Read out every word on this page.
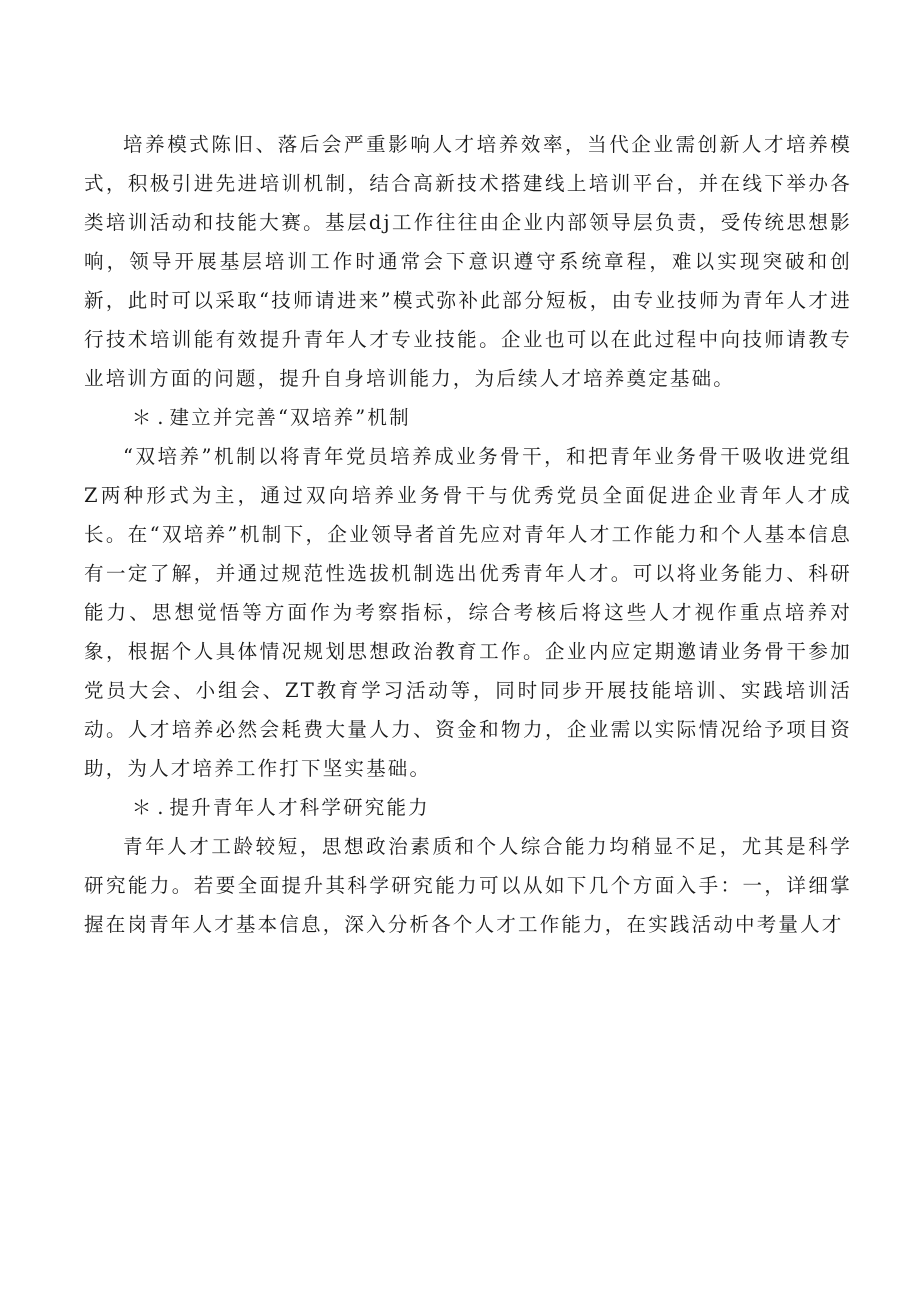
培养模式陈旧、落后会严重影响人才培养效率，当代企业需创新人才培养模式，积极引进先进培训机制，结合高新技术搭建线上培训平台，并在线下举办各类培训活动和技能大赛。基层dj工作往往由企业内部领导层负责，受传统思想影响，领导开展基层培训工作时通常会下意识遵守系统章程，难以实现突破和创新，此时可以采取“技师请进来”模式弥补此部分短板，由专业技师为青年人才进行技术培训能有效提升青年人才专业技能。企业也可以在此过程中向技师请教专业培训方面的问题，提升自身培训能力，为后续人才培养奠定基础。

＊.建立并完善“双培养”机制

“双培养”机制以将青年党员培养成业务骨干，和把青年业务骨干吸收进党组Z两种形式为主，通过双向培养业务骨干与优秀党员全面促进企业青年人才成长。在“双培养”机制下，企业领导者首先应对青年人才工作能力和个人基本信息有一定了解，并通过规范性选拔机制选出优秀青年人才。可以将业务能力、科研能力、思想觉悟等方面作为考察指标，综合考核后将这些人才视作重点培养对象，根据个人具体情况规划思想政治教育工作。企业内应定期邀请业务骨干参加党员大会、小组会、ZT教育学习活动等，同时同步开展技能培训、实践培训活动。人才培养必然会耗费大量人力、资金和物力，企业需以实际情况给予项目资助，为人才培养工作打下坚实基础。

＊.提升青年人才科学研究能力

青年人才工龄较短，思想政治素质和个人综合能力均稍显不足，尤其是科学研究能力。若要全面提升其科学研究能力可以从如下几个方面入手：一，详细掌握在岗青年人才基本信息，深入分析各个人才工作能力，在实践活动中考量人才
